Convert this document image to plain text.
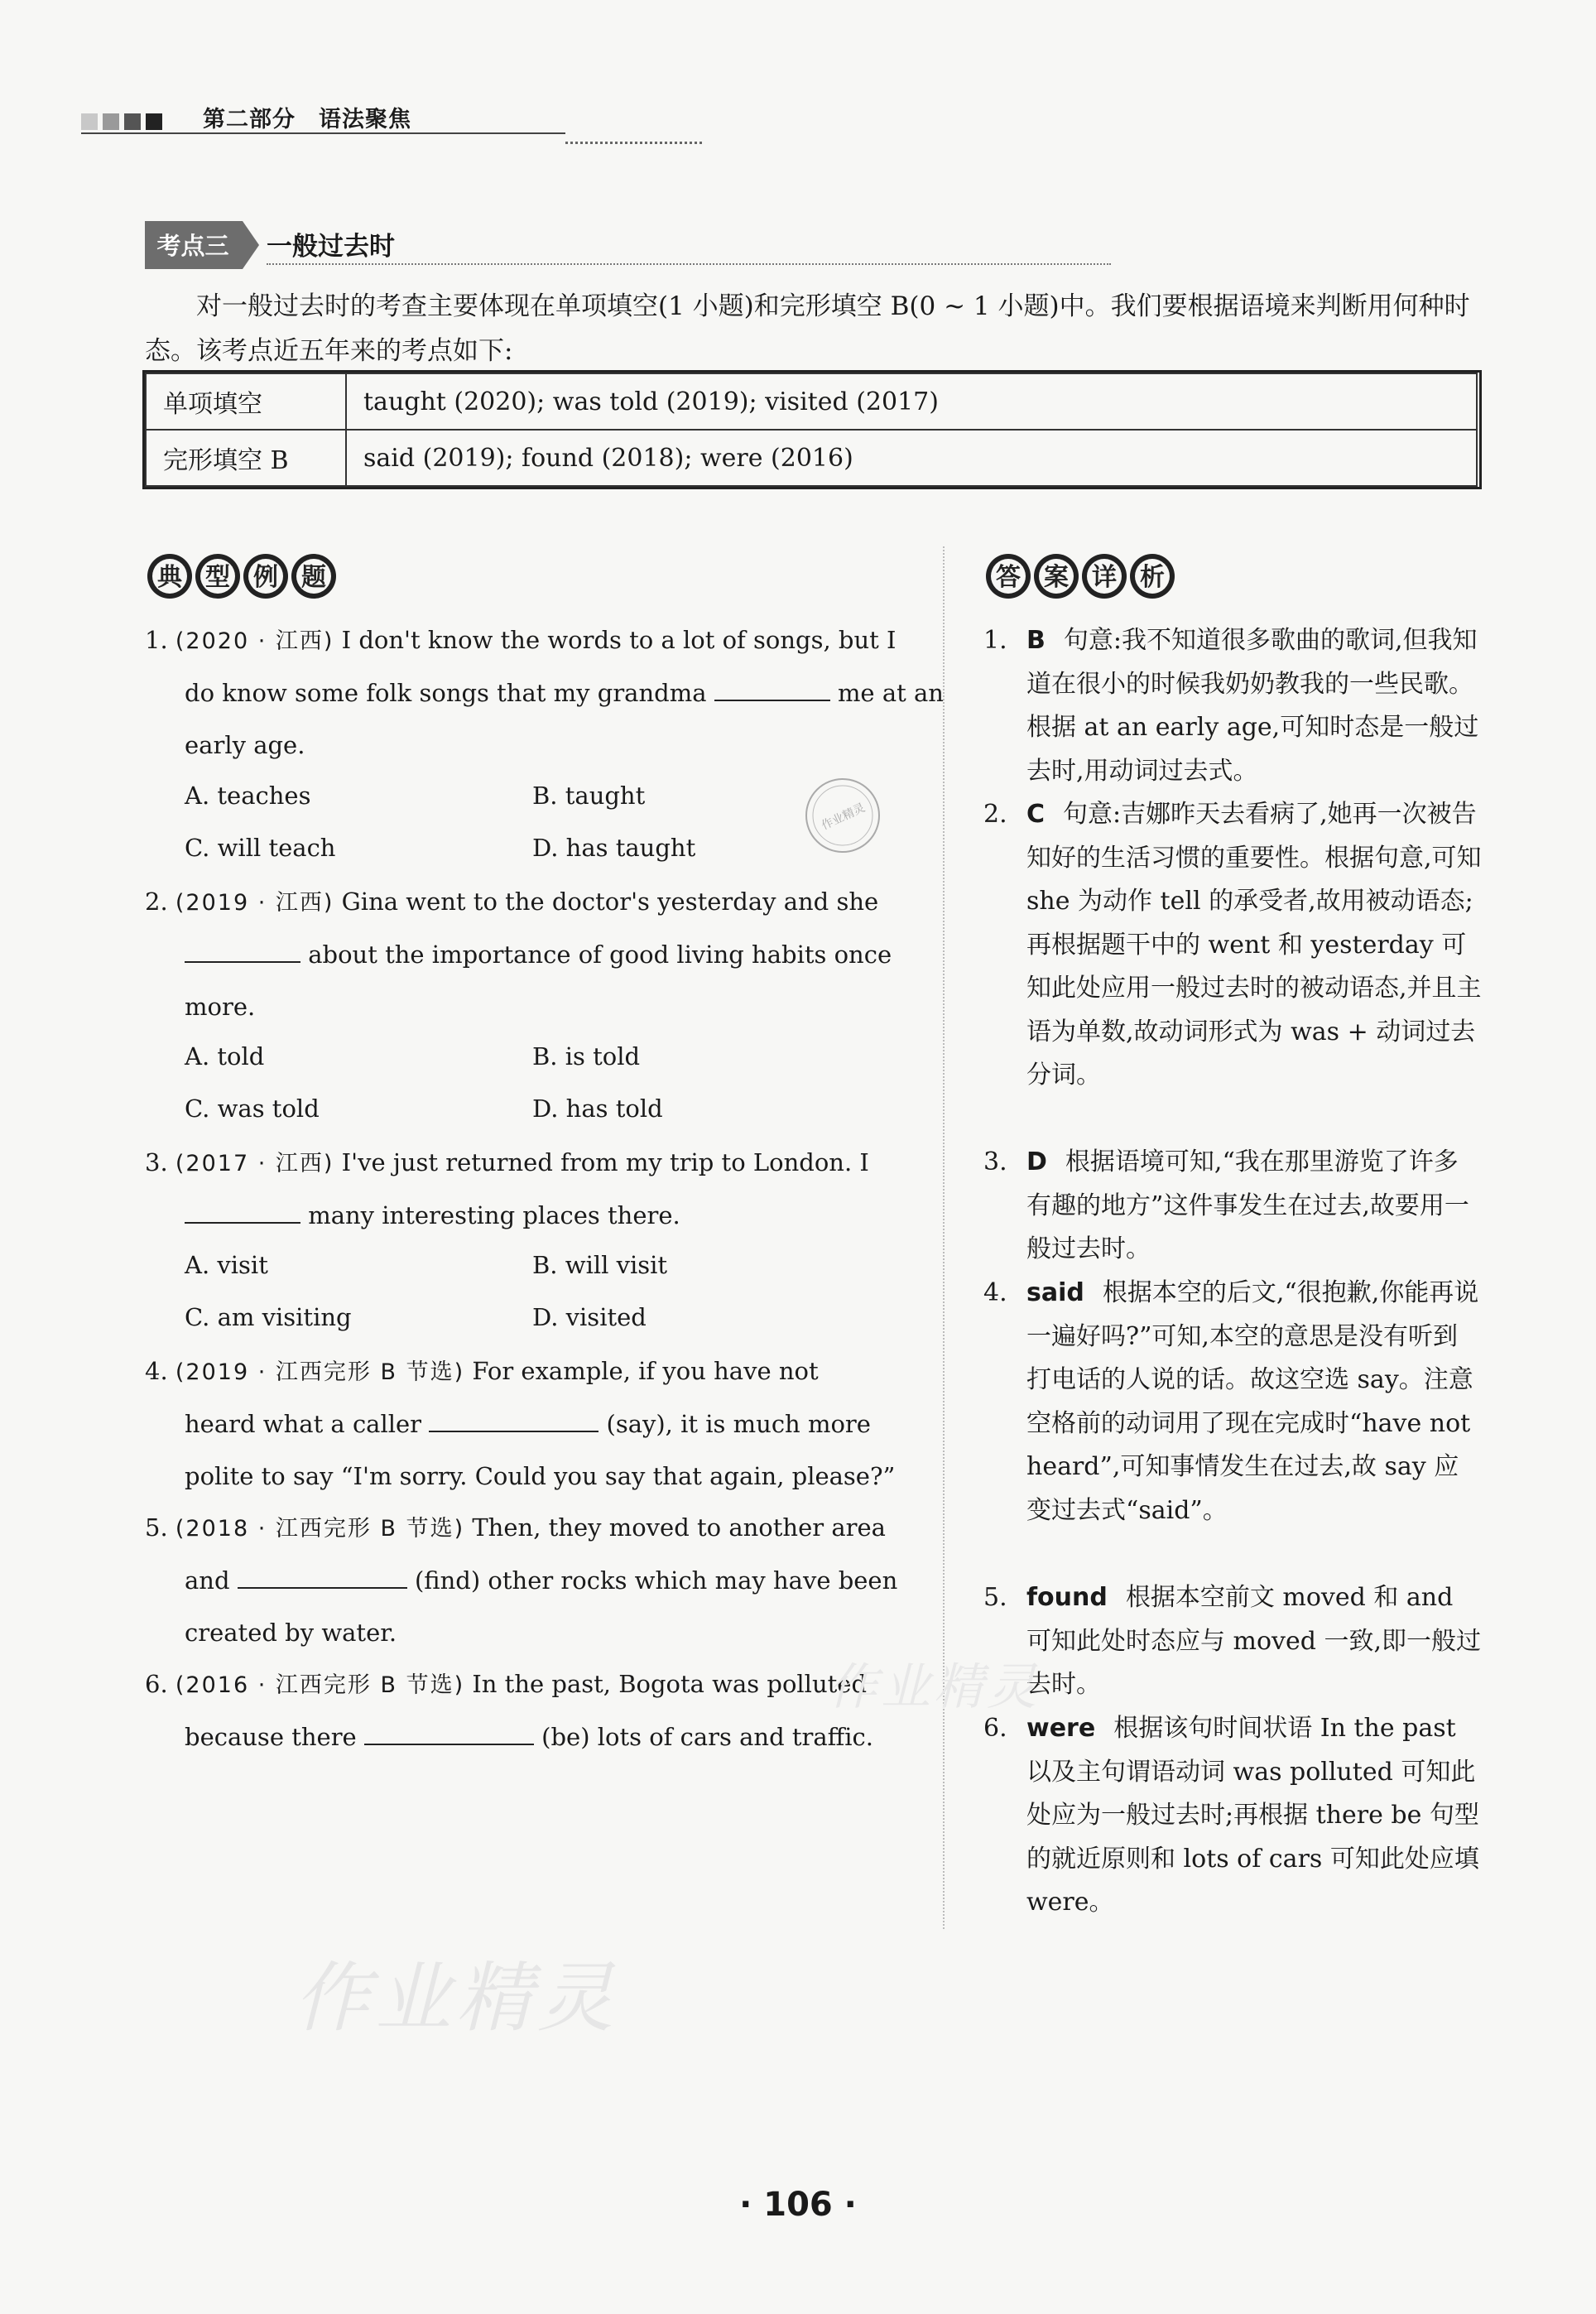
第二部分　语法聚焦
考点三 一般过去时
对一般过去时的考查主要体现在单项填空(1 小题)和完形填空 B(0 ~ 1 小题)中。我们要根据语境来判断用何种时态。该考点近五年来的考点如下:
单项填空	taught (2020); was told (2019); visited (2017)
完形填空 B	said (2019); found (2018); were (2016)
典 型 例 题	答 案 详 析
作业精灵
1. (2020 · 江西) I don't know the words to a lot of songs, but I
do know some folk songs that my grandma	me at an
early age.
A. teaches	B. taught
C. will teach	D. has taught
2. (2019 · 江西) Gina went to the doctor's yesterday and she
about the importance of good living habits once
more.
A. told	B. is told
C. was told	D. has told
3. (2017 · 江西) I've just returned from my trip to London. I
many interesting places there.
A. visit	B. will visit
C. am visiting	D. visited
4. (2019 · 江西完形 B 节选) For example, if you have not
heard what a caller	(say), it is much more
polite to say “I'm sorry. Could you say that again, please?”
5. (2018 · 江西完形 B 节选) Then, they moved to another area
and	(find) other rocks which may have been
created by water.
6. (2016 · 江西完形 B 节选) In the past, Bogota was polluted
because there	(be) lots of cars and traffic.
1. B 句意:我不知道很多歌曲的歌词,但我知道在很小的时候我奶奶教我的一些民歌。根据 at an early age,可知时态是一般过去时,用动词过去式。
2. C 句意:吉娜昨天去看病了,她再一次被告知好的生活习惯的重要性。根据句意,可知 she 为动作 tell 的承受者,故用被动语态;再根据题干中的 went 和 yesterday 可知此处应用一般过去时的被动语态,并且主语为单数,故动词形式为 was + 动词过去分词。
3. D 根据语境可知,“我在那里游览了许多有趣的地方”这件事发生在过去,故要用一般过去时。
4. said 根据本空的后文,“很抱歉,你能再说一遍好吗?”可知,本空的意思是没有听到打电话的人说的话。故这空选 say。注意空格前的动词用了现在完成时“have not heard”,可知事情发生在过去,故 say 应变过去式“said”。
5. found 根据本空前文 moved 和 and 可知此处时态应与 moved 一致,即一般过去时。
6. were 根据该句时间状语 In the past 以及主句谓语动词 was polluted 可知此处应为一般过去时;再根据 there be 句型的就近原则和 lots of cars 可知此处应填 were。
作业精灵
作业精灵
· 106 ·
